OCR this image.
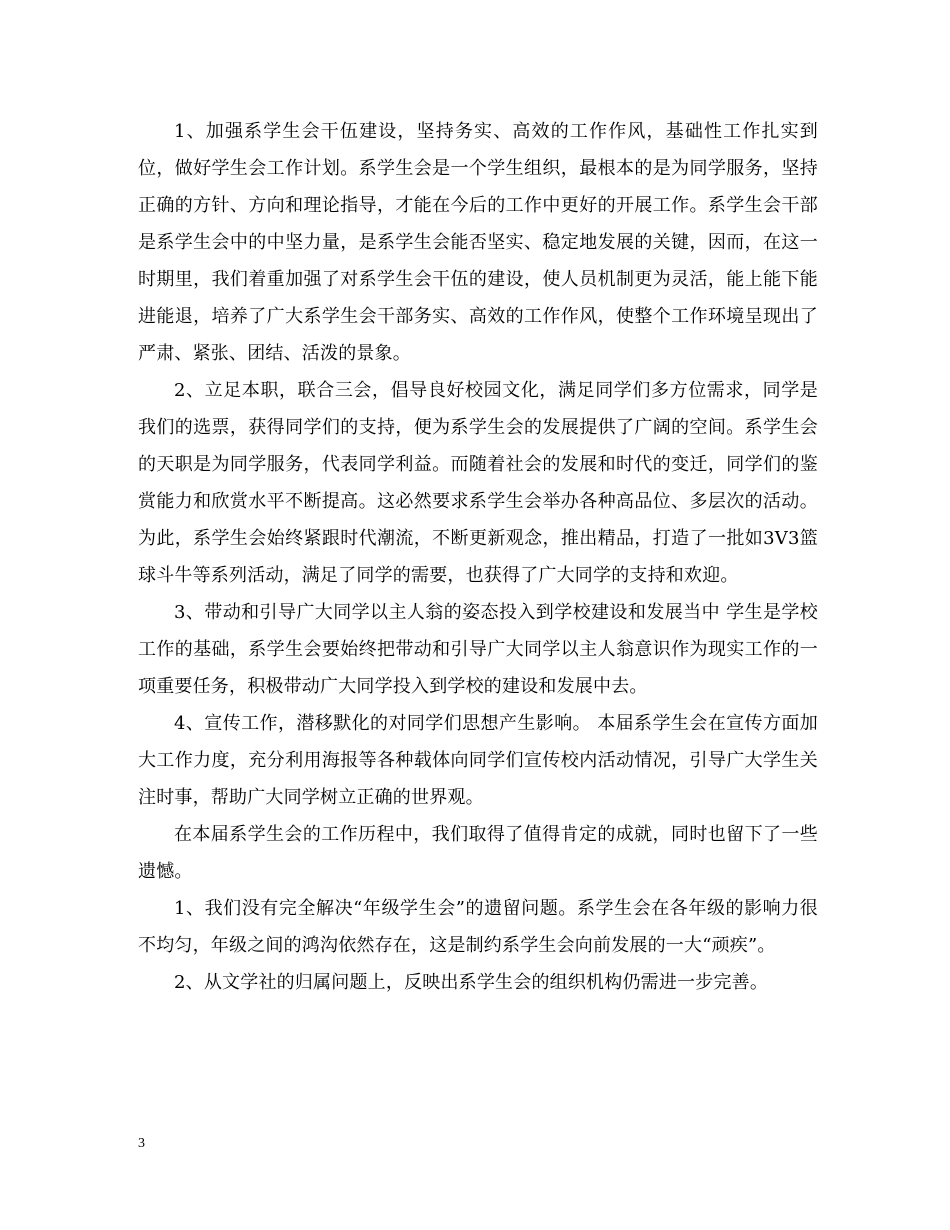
1、加强系学生会干伍建设，坚持务实、高效的工作作风，基础性工作扎实到位，做好学生会工作计划。系学生会是一个学生组织，最根本的是为同学服务，坚持正确的方针、方向和理论指导，才能在今后的工作中更好的开展工作。系学生会干部是系学生会中的中坚力量，是系学生会能否坚实、稳定地发展的关键，因而，在这一时期里，我们着重加强了对系学生会干伍的建设，使人员机制更为灵活，能上能下能进能退，培养了广大系学生会干部务实、高效的工作作风，使整个工作环境呈现出了严肃、紧张、团结、活泼的景象。

2、立足本职，联合三会，倡导良好校园文化，满足同学们多方位需求，同学是我们的选票，获得同学们的支持，便为系学生会的发展提供了广阔的空间。系学生会的天职是为同学服务，代表同学利益。而随着社会的发展和时代的变迁，同学们的鉴赏能力和欣赏水平不断提高。这必然要求系学生会举办各种高品位、多层次的活动。为此，系学生会始终紧跟时代潮流，不断更新观念，推出精品，打造了一批如3V3篮球斗牛等系列活动，满足了同学的需要，也获得了广大同学的支持和欢迎。

3、带动和引导广大同学以主人翁的姿态投入到学校建设和发展当中 学生是学校工作的基础，系学生会要始终把带动和引导广大同学以主人翁意识作为现实工作的一项重要任务，积极带动广大同学投入到学校的建设和发展中去。

4、宣传工作，潜移默化的对同学们思想产生影响。 本届系学生会在宣传方面加大工作力度，充分利用海报等各种载体向同学们宣传校内活动情况，引导广大学生关注时事，帮助广大同学树立正确的世界观。

在本届系学生会的工作历程中，我们取得了值得肯定的成就，同时也留下了一些遗憾。

1、我们没有完全解决“年级学生会”的遗留问题。系学生会在各年级的影响力很不均匀，年级之间的鸿沟依然存在，这是制约系学生会向前发展的一大“顽疾”。

2、从文学社的归属问题上，反映出系学生会的组织机构仍需进一步完善。

3
